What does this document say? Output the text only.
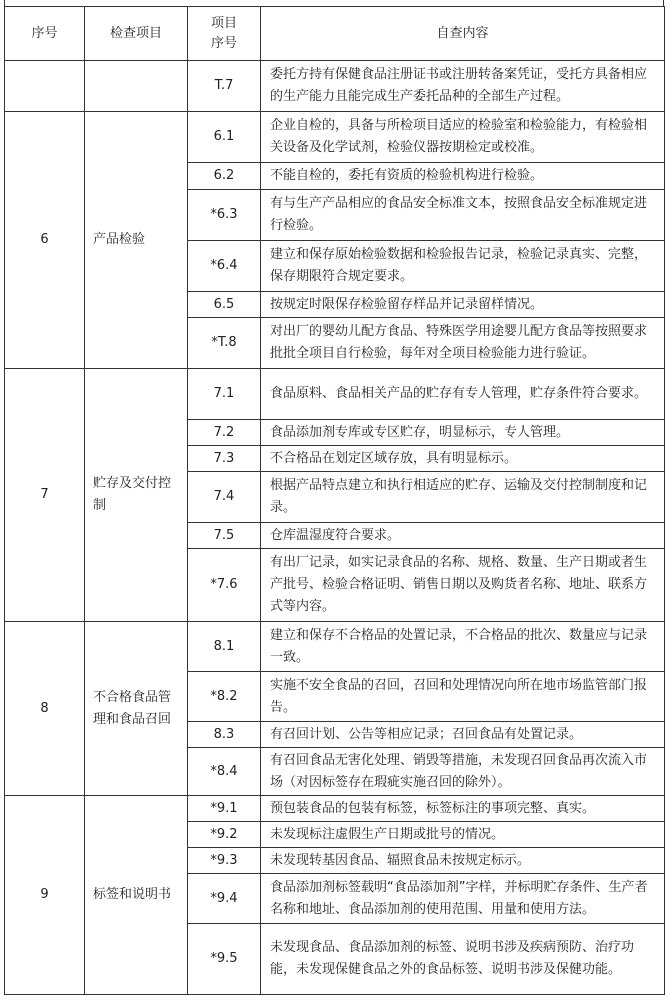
序号	检查项目	项目序号	自查内容
		T.7	委托方持有保健食品注册证书或注册转备案凭证，受托方具备相应的生产能力且能完成生产委托品种的全部生产过程。
6	产品检验	6.1	企业自检的，具备与所检项目适应的检验室和检验能力，有检验相关设备及化学试剂，检验仪器按期检定或校准。
		6.2	不能自检的，委托有资质的检验机构进行检验。
		*6.3	有与生产产品相应的食品安全标准文本，按照食品安全标准规定进行检验。
		*6.4	建立和保存原始检验数据和检验报告记录，检验记录真实、完整，保存期限符合规定要求。
		6.5	按规定时限保存检验留存样品并记录留样情况。
		*T.8	对出厂的婴幼儿配方食品、特殊医学用途婴儿配方食品等按照要求批批全项目自行检验，每年对全项目检验能力进行验证。
7	贮存及交付控制	7.1	食品原料、食品相关产品的贮存有专人管理，贮存条件符合要求。
		7.2	食品添加剂专库或专区贮存，明显标示，专人管理。
		7.3	不合格品在划定区域存放，具有明显标示。
		7.4	根据产品特点建立和执行相适应的贮存、运输及交付控制制度和记录。
		7.5	仓库温湿度符合要求。
		*7.6	有出厂记录，如实记录食品的名称、规格、数量、生产日期或者生产批号、检验合格证明、销售日期以及购货者名称、地址、联系方式等内容。
8	不合格食品管理和食品召回	8.1	建立和保存不合格品的处置记录，不合格品的批次、数量应与记录一致。
		*8.2	实施不安全食品的召回，召回和处理情况向所在地市场监管部门报告。
		8.3	有召回计划、公告等相应记录；召回食品有处置记录。
		*8.4	有召回食品无害化处理、销毁等措施，未发现召回食品再次流入市场（对因标签存在瑕疵实施召回的除外）。
9	标签和说明书	*9.1	预包装食品的包装有标签，标签标注的事项完整、真实。
		*9.2	未发现标注虚假生产日期或批号的情况。
		*9.3	未发现转基因食品、辐照食品未按规定标示。
		*9.4	食品添加剂标签载明“食品添加剂”字样，并标明贮存条件、生产者名称和地址、食品添加剂的使用范围、用量和使用方法。
		*9.5	未发现食品、食品添加剂的标签、说明书涉及疾病预防、治疗功能，未发现保健食品之外的食品标签、说明书涉及保健功能。
